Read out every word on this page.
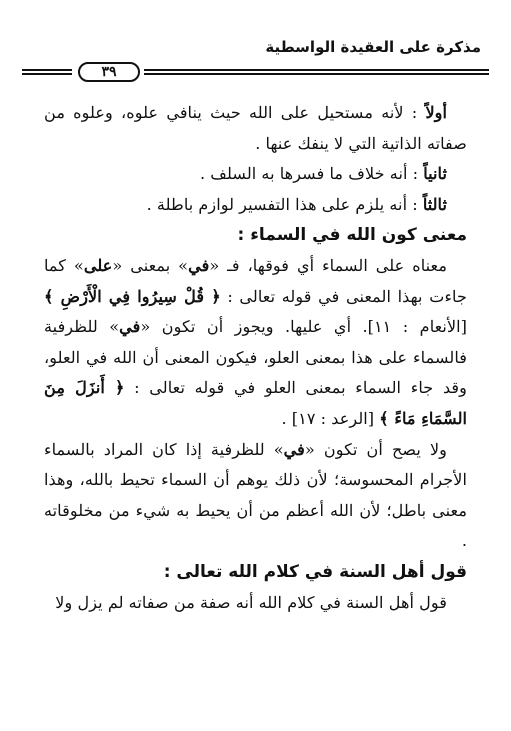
مذكرة على العقيدة الواسطية
٣٩
أولاً : لأنه مستحيل على الله حيث ينافي علوه، وعلوه من صفاته الذاتية التي لا ينفك عنها .
ثانياً : أنه خلاف ما فسرها به السلف .
ثالثاً : أنه يلزم على هذا التفسير لوازم باطلة .
معنى كون الله في السماء :
معناه على السماء أي فوقها، فـ «في» بمعنى «على» كما جاءت بهذا المعنى في قوله تعالى : ﴿ قُلْ سِيرُوا فِي الْأَرْضِ ﴾ [الأنعام : ١١]. أي عليها. ويجوز أن تكون «في» للظرفية فالسماء على هذا بمعنى العلو، فيكون المعنى أن الله في العلو، وقد جاء السماء بمعنى العلو في قوله تعالى : ﴿ أَنزَلَ مِنَ السَّمَاءِ مَاءً ﴾ [الرعد : ١٧] .
ولا يصح أن تكون «في» للظرفية إذا كان المراد بالسماء الأجرام المحسوسة؛ لأن ذلك يوهم أن السماء تحيط بالله، وهذا معنى باطل؛ لأن الله أعظم من أن يحيط به شيء من مخلوقاته .
قول أهل السنة في كلام الله تعالى :
قول أهل السنة في كلام الله أنه صفة من صفاته لم يزل ولا
